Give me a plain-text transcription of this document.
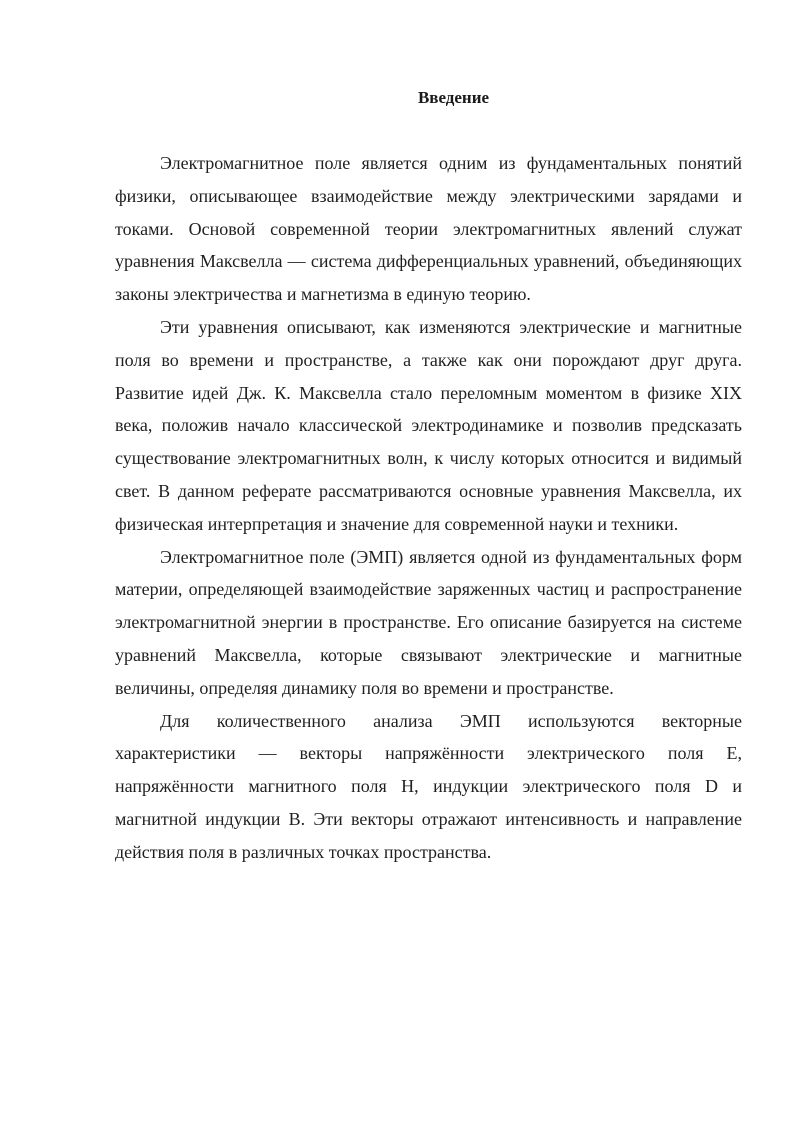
Введение

Электромагнитное поле является одним из фундаментальных понятий физики, описывающее взаимодействие между электрическими зарядами и токами. Основой современной теории электромагнитных явлений служат уравнения Максвелла — система дифференциальных уравнений, объединяющих законы электричества и магнетизма в единую теорию.

Эти уравнения описывают, как изменяются электрические и магнитные поля во времени и пространстве, а также как они порождают друг друга. Развитие идей Дж. К. Максвелла стало переломным моментом в физике XIX века, положив начало классической электродинамике и позволив предсказать существование электромагнитных волн, к числу которых относится и видимый свет. В данном реферате рассматриваются основные уравнения Максвелла, их физическая интерпретация и значение для современной науки и техники.

Электромагнитное поле (ЭМП) является одной из фундаментальных форм материи, определяющей взаимодействие заряженных частиц и распространение электромагнитной энергии в пространстве. Его описание базируется на системе уравнений Максвелла, которые связывают электрические и магнитные величины, определяя динамику поля во времени и пространстве.

Для количественного анализа ЭМП используются векторные характеристики — векторы напряжённости электрического поля E, напряжённости магнитного поля H, индукции электрического поля D и магнитной индукции B. Эти векторы отражают интенсивность и направление действия поля в различных точках пространства.
